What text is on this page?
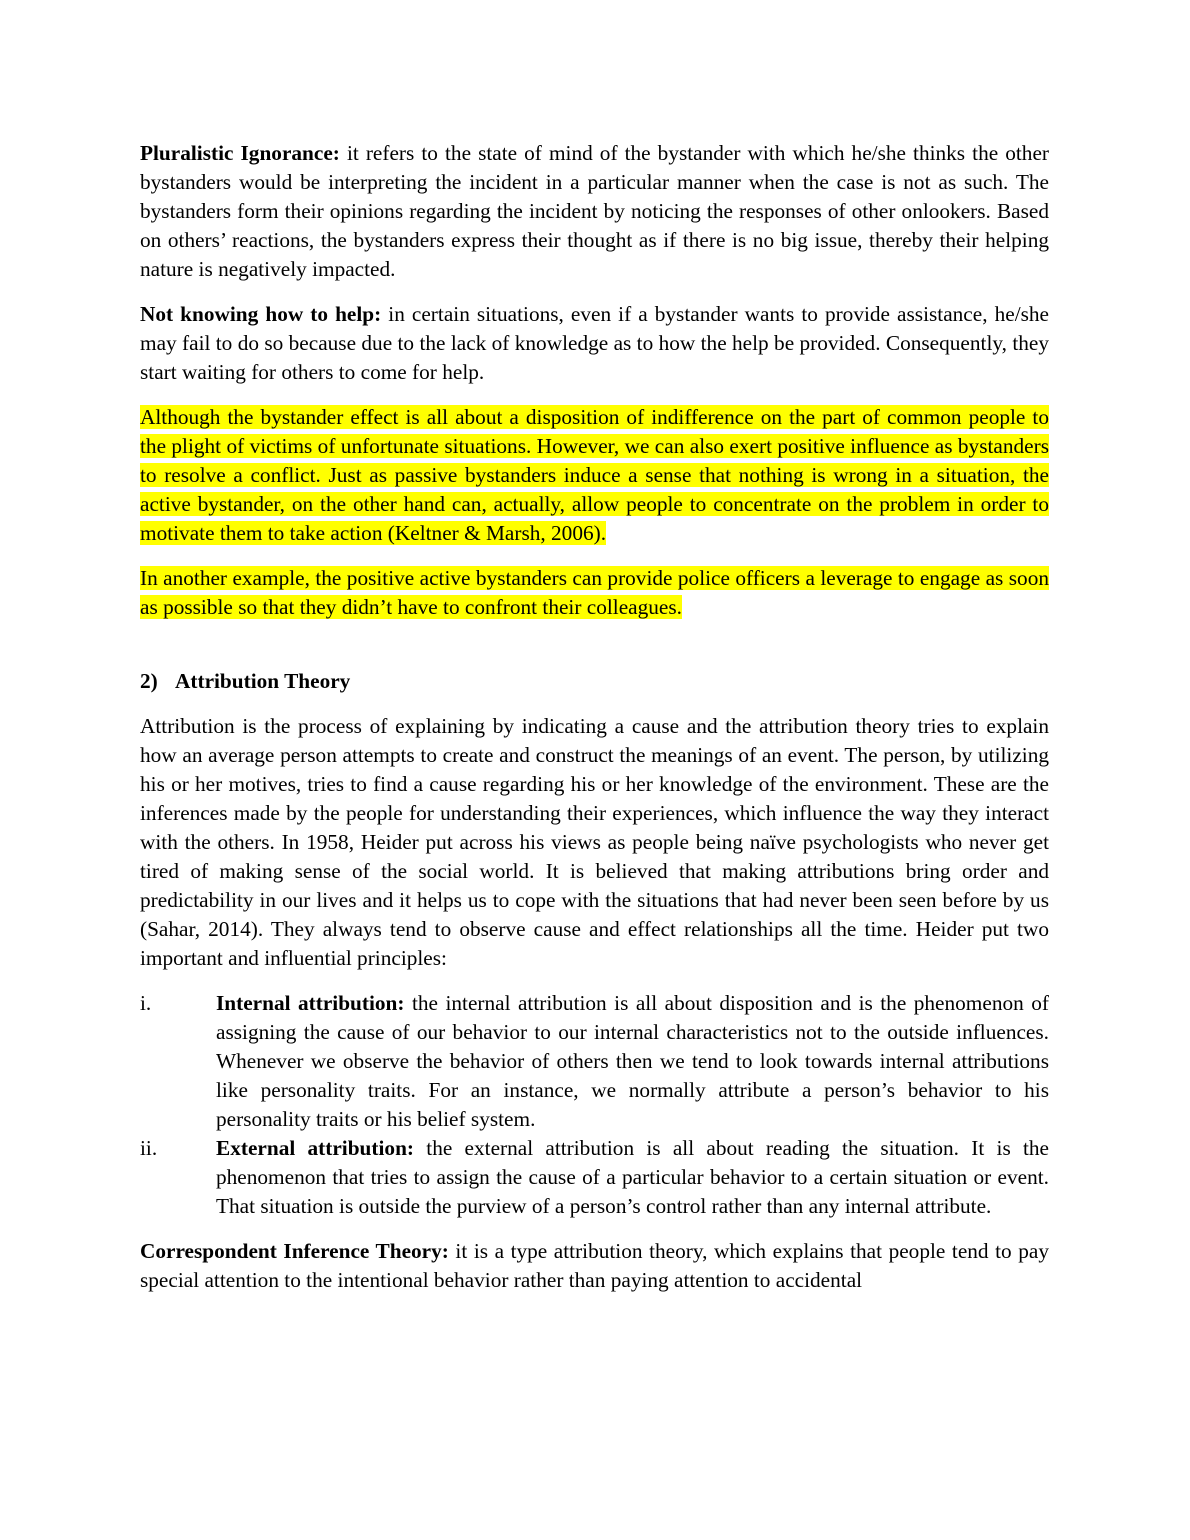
Pluralistic Ignorance: it refers to the state of mind of the bystander with which he/she thinks the other bystanders would be interpreting the incident in a particular manner when the case is not as such. The bystanders form their opinions regarding the incident by noticing the responses of other onlookers. Based on others’ reactions, the bystanders express their thought as if there is no big issue, thereby their helping nature is negatively impacted.

Not knowing how to help: in certain situations, even if a bystander wants to provide assistance, he/she may fail to do so because due to the lack of knowledge as to how the help be provided. Consequently, they start waiting for others to come for help.

Although the bystander effect is all about a disposition of indifference on the part of common people to the plight of victims of unfortunate situations. However, we can also exert positive influence as bystanders to resolve a conflict. Just as passive bystanders induce a sense that nothing is wrong in a situation, the active bystander, on the other hand can, actually, allow people to concentrate on the problem in order to motivate them to take action (Keltner & Marsh, 2006).

In another example, the positive active bystanders can provide police officers a leverage to engage as soon as possible so that they didn’t have to confront their colleagues.

2) Attribution Theory

Attribution is the process of explaining by indicating a cause and the attribution theory tries to explain how an average person attempts to create and construct the meanings of an event. The person, by utilizing his or her motives, tries to find a cause regarding his or her knowledge of the environment. These are the inferences made by the people for understanding their experiences, which influence the way they interact with the others. In 1958, Heider put across his views as people being naïve psychologists who never get tired of making sense of the social world. It is believed that making attributions bring order and predictability in our lives and it helps us to cope with the situations that had never been seen before by us (Sahar, 2014). They always tend to observe cause and effect relationships all the time. Heider put two important and influential principles:

i.	Internal attribution: the internal attribution is all about disposition and is the phenomenon of assigning the cause of our behavior to our internal characteristics not to the outside influences. Whenever we observe the behavior of others then we tend to look towards internal attributions like personality traits. For an instance, we normally attribute a person’s behavior to his personality traits or his belief system.
ii.	External attribution: the external attribution is all about reading the situation. It is the phenomenon that tries to assign the cause of a particular behavior to a certain situation or event. That situation is outside the purview of a person’s control rather than any internal attribute.

Correspondent Inference Theory: it is a type attribution theory, which explains that people tend to pay special attention to the intentional behavior rather than paying attention to accidental
